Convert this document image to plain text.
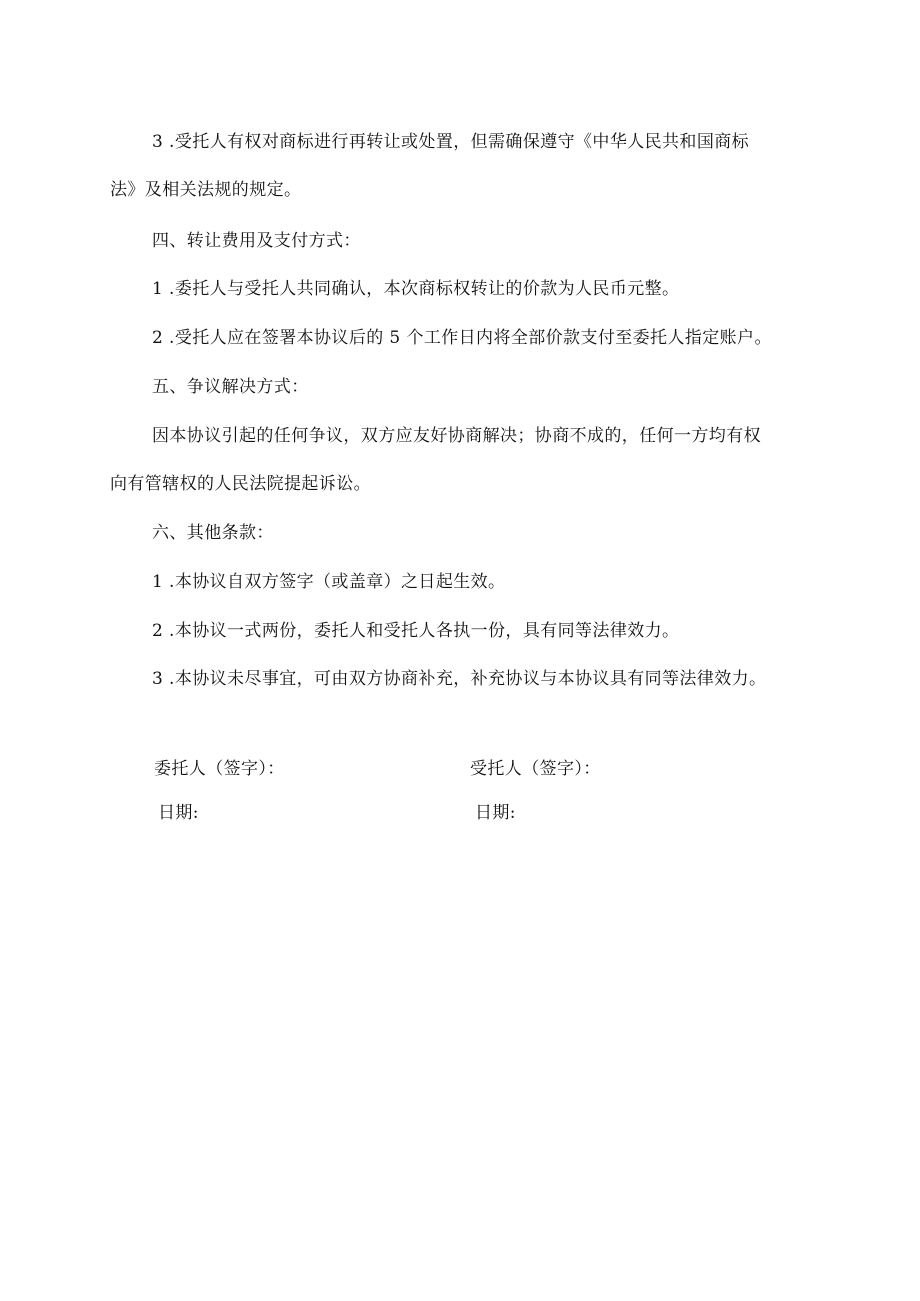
3 .受托人有权对商标进行再转让或处置，但需确保遵守《中华人民共和国商标
法》及相关法规的规定。
四、转让费用及支付方式：
1 .委托人与受托人共同确认，本次商标权转让的价款为人民币元整。
2 .受托人应在签署本协议后的 5 个工作日内将全部价款支付至委托人指定账户。
五、争议解决方式：
因本协议引起的任何争议，双方应友好协商解决；协商不成的，任何一方均有权
向有管辖权的人民法院提起诉讼。
六、其他条款：
1 .本协议自双方签字（或盖章）之日起生效。
2 .本协议一式两份，委托人和受托人各执一份，具有同等法律效力。
3 .本协议未尽事宜，可由双方协商补充，补充协议与本协议具有同等法律效力。
委托人（签字）：	受托人（签字）：
日期:	日期:
